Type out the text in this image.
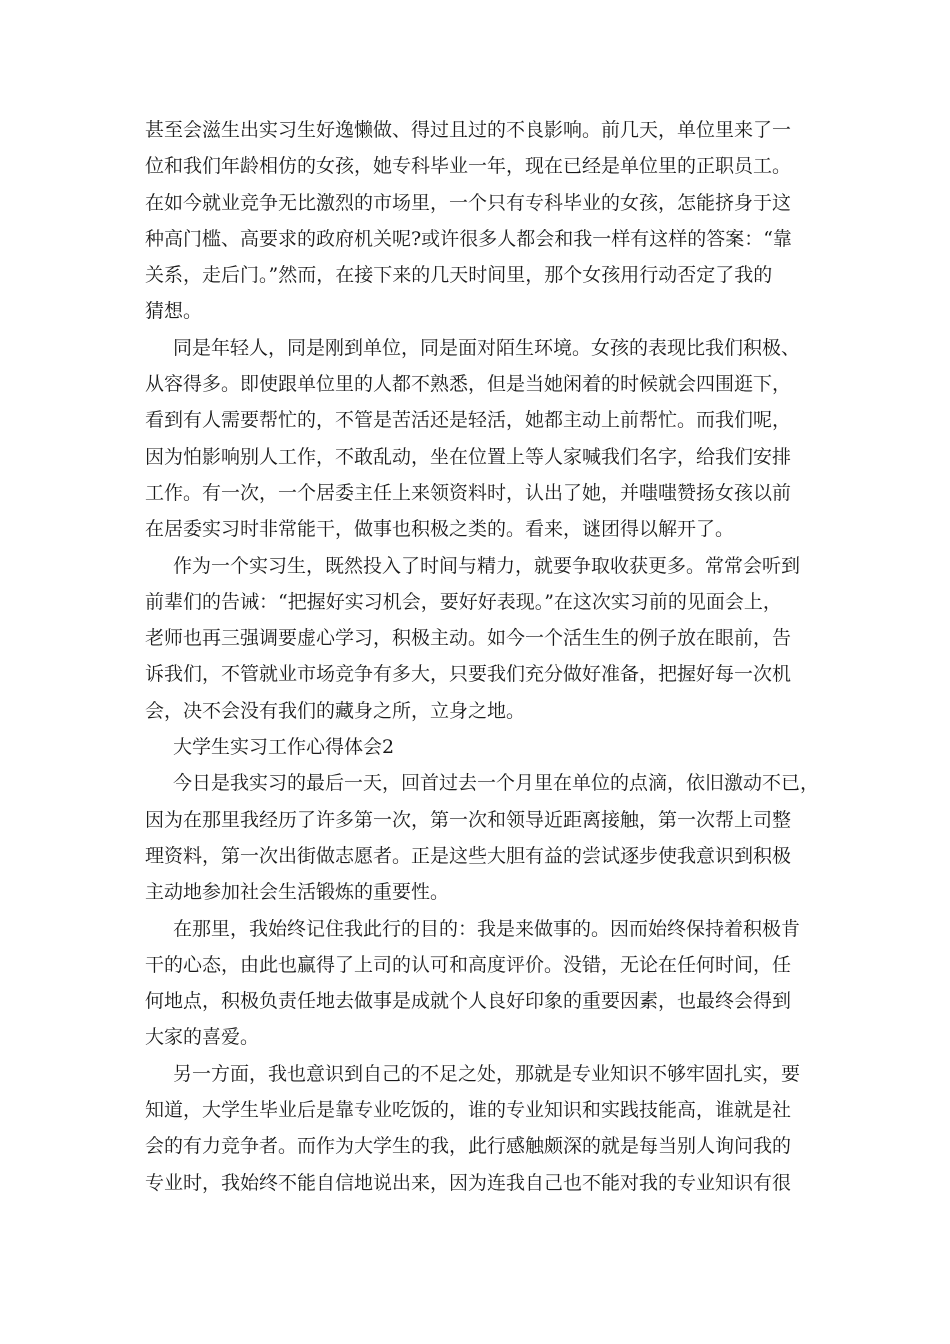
甚至会滋生出实习生好逸懒做、得过且过的不良影响。前几天，单位里来了一
位和我们年龄相仿的女孩，她专科毕业一年，现在已经是单位里的正职员工。
在如今就业竞争无比激烈的市场里，一个只有专科毕业的女孩，怎能挤身于这
种高门槛、高要求的政府机关呢?或许很多人都会和我一样有这样的答案：“靠
关系，走后门。”然而，在接下来的几天时间里，那个女孩用行动否定了我的
猜想。
同是年轻人，同是刚到单位，同是面对陌生环境。女孩的表现比我们积极、
从容得多。即使跟单位里的人都不熟悉，但是当她闲着的时候就会四围逛下，
看到有人需要帮忙的，不管是苦活还是轻活，她都主动上前帮忙。而我们呢，
因为怕影响别人工作，不敢乱动，坐在位置上等人家喊我们名字，给我们安排
工作。有一次，一个居委主任上来领资料时，认出了她，并嗤嗤赞扬女孩以前
在居委实习时非常能干，做事也积极之类的。看来，谜团得以解开了。
作为一个实习生，既然投入了时间与精力，就要争取收获更多。常常会听到
前辈们的告诫：“把握好实习机会，要好好表现。”在这次实习前的见面会上，
老师也再三强调要虚心学习，积极主动。如今一个活生生的例子放在眼前，告
诉我们，不管就业市场竞争有多大，只要我们充分做好准备，把握好每一次机
会，决不会没有我们的藏身之所，立身之地。
大学生实习工作心得体会2
今日是我实习的最后一天，回首过去一个月里在单位的点滴，依旧激动不已，
因为在那里我经历了许多第一次，第一次和领导近距离接触，第一次帮上司整
理资料，第一次出街做志愿者。正是这些大胆有益的尝试逐步使我意识到积极
主动地参加社会生活锻炼的重要性。
在那里，我始终记住我此行的目的：我是来做事的。因而始终保持着积极肯
干的心态，由此也赢得了上司的认可和高度评价。没错，无论在任何时间，任
何地点，积极负责任地去做事是成就个人良好印象的重要因素，也最终会得到
大家的喜爱。
另一方面，我也意识到自己的不足之处，那就是专业知识不够牢固扎实，要
知道，大学生毕业后是靠专业吃饭的，谁的专业知识和实践技能高，谁就是社
会的有力竞争者。而作为大学生的我，此行感触颇深的就是每当别人询问我的
专业时，我始终不能自信地说出来，因为连我自己也不能对我的专业知识有很
